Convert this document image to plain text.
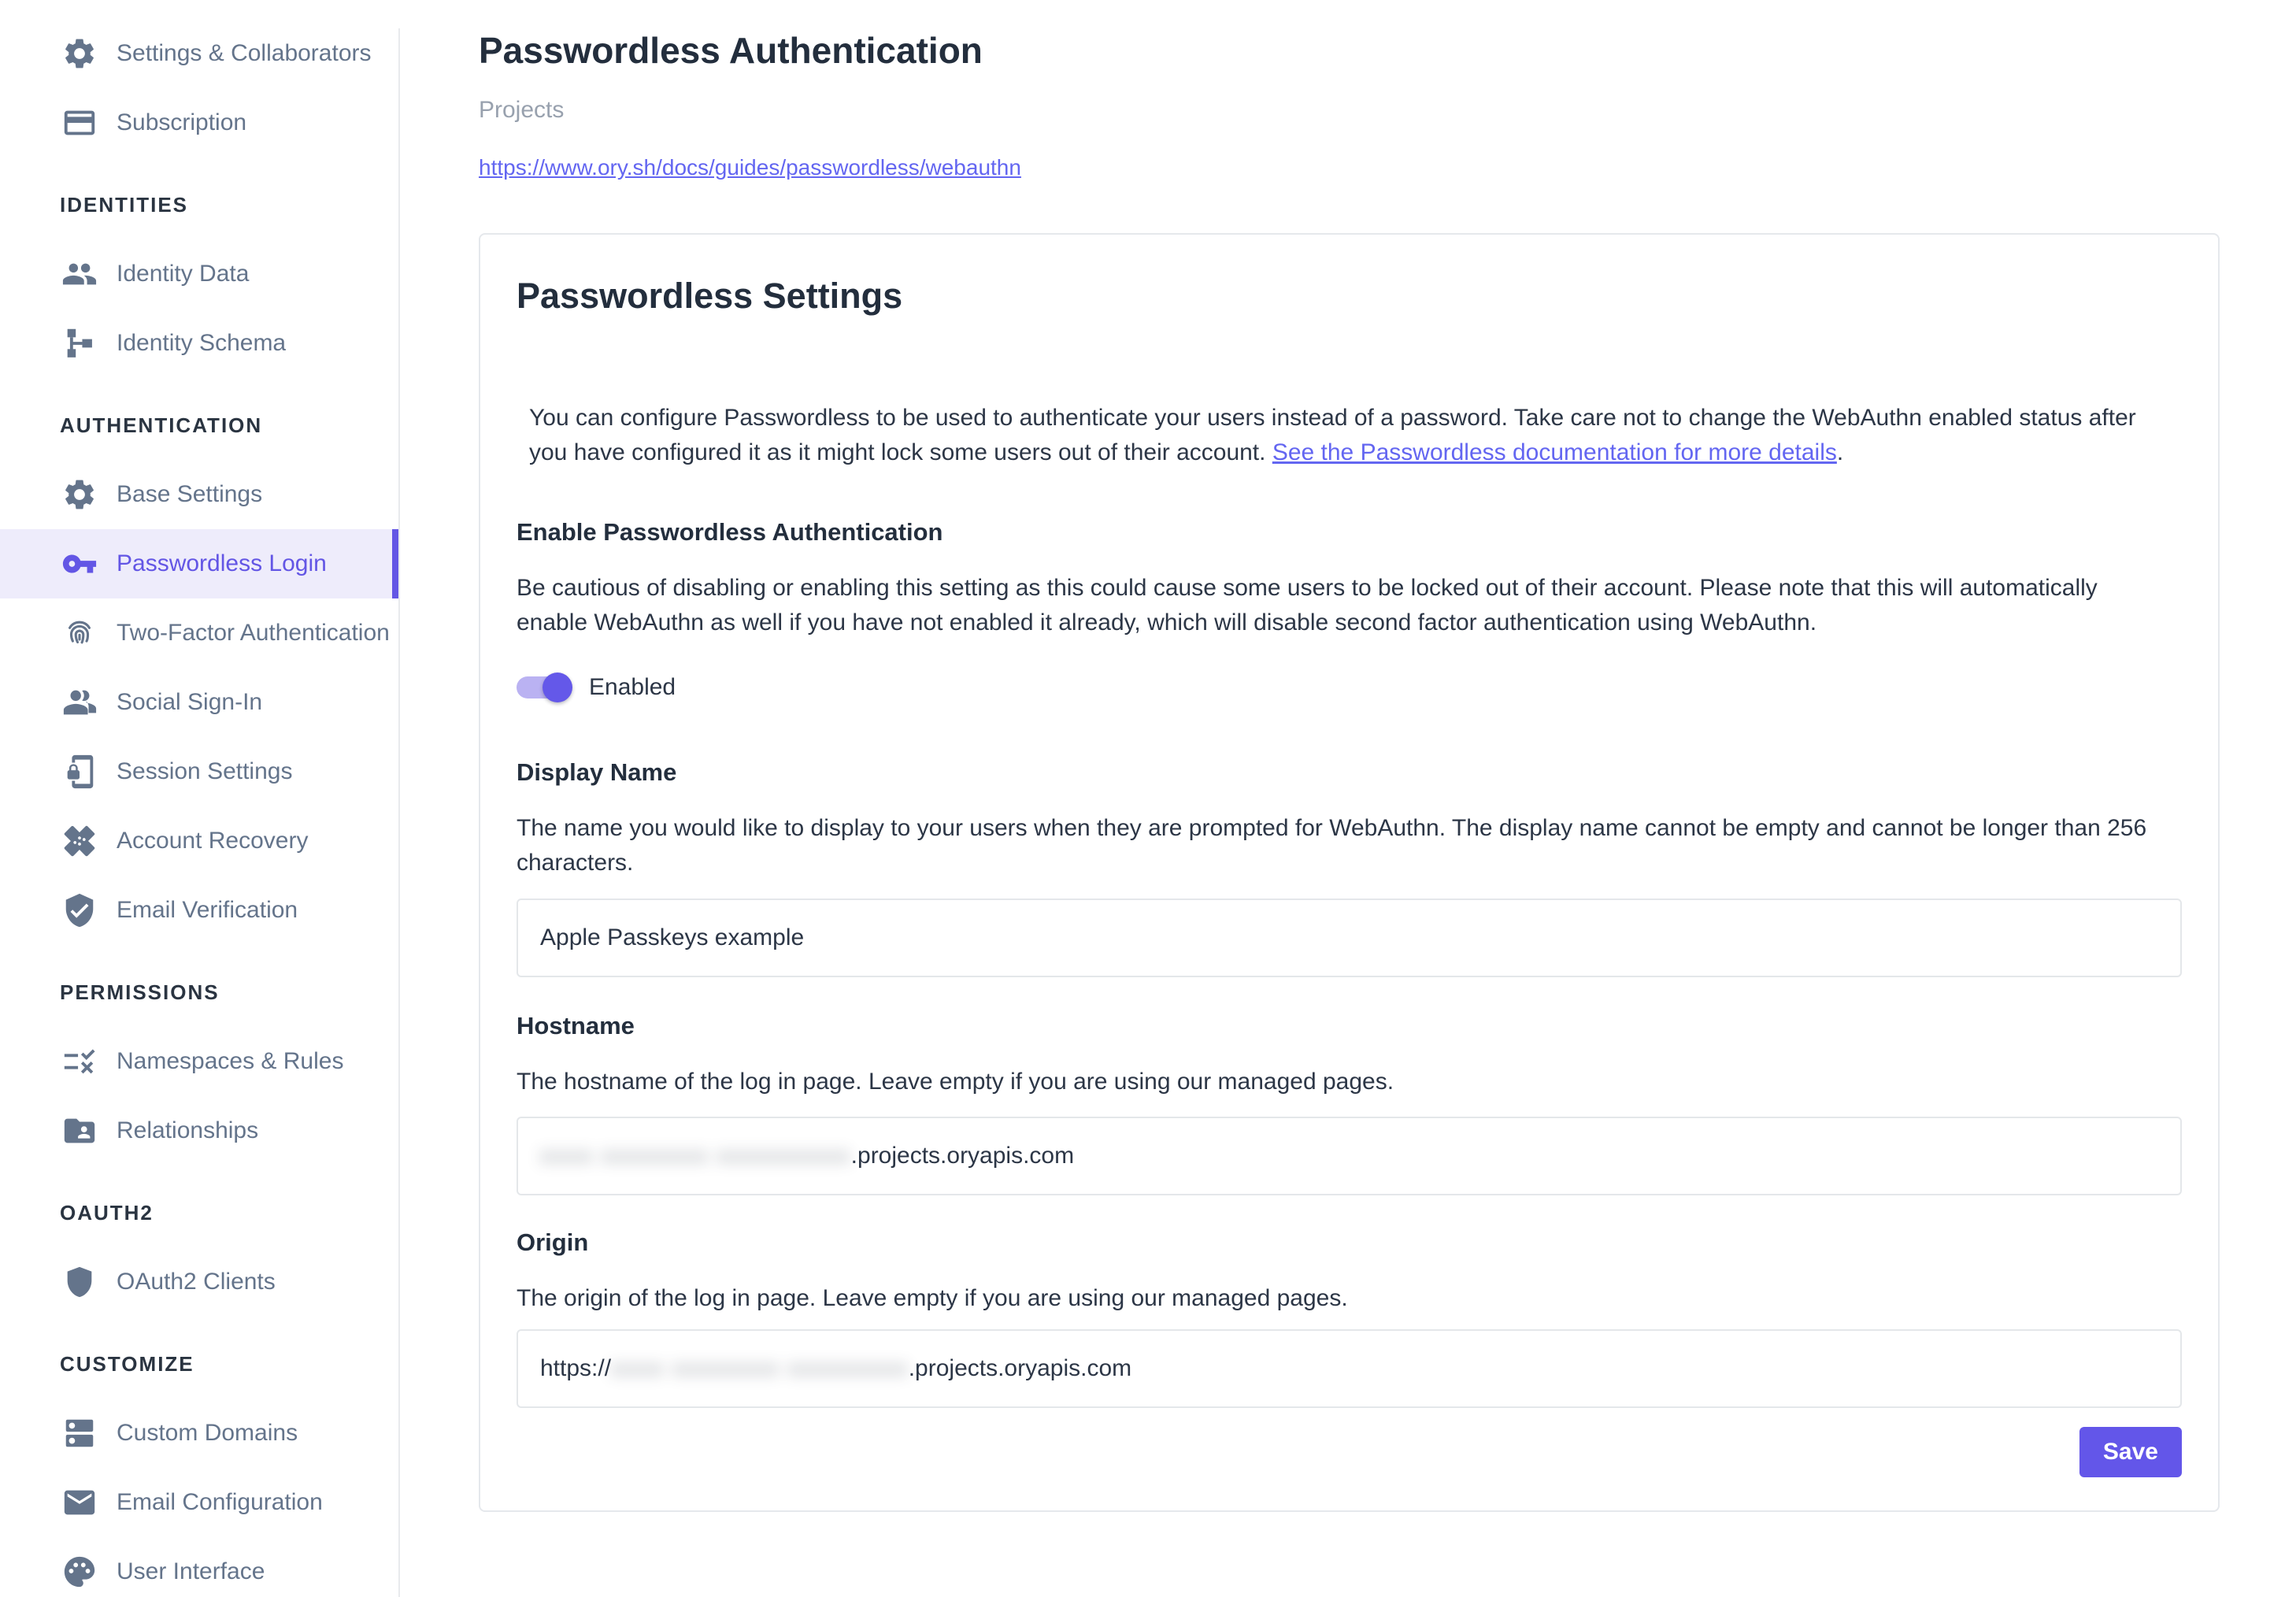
Settings & Collaborators
Subscription
IDENTITIES
Identity Data
Identity Schema
AUTHENTICATION
Base Settings
Passwordless Login
Two-Factor Authentication
Social Sign-In
Session Settings
Account Recovery
Email Verification
PERMISSIONS
Namespaces & Rules
Relationships
OAUTH2
OAuth2 Clients
CUSTOMIZE
Custom Domains
Email Configuration
User Interface
Passwordless Authentication
Projects
https://www.ory.sh/docs/guides/passwordless/webauthn
Passwordless Settings

You can configure Passwordless to be used to authenticate your users instead of a password. Take care not to change the WebAuthn enabled status after you have configured it as it might lock some users out of their account. See the Passwordless documentation for more details.

Enable Passwordless Authentication

Be cautious of disabling or enabling this setting as this could cause some users to be locked out of their account. Please note that this will automatically enable WebAuthn as well if you have not enabled it already, which will disable second factor authentication using WebAuthn.

Enabled
Display Name

The name you would like to display to your users when they are prompted for WebAuthn. The display name cannot be empty and cannot be longer than 256 characters.

Apple Passkeys example
Hostname

The hostname of the log in page. Leave empty if you are using our managed pages.

xxxx xxxxxxxx xxxxxxxxxx .projects.oryapis.com
Origin

The origin of the log in page. Leave empty if you are using our managed pages.

https:// xxxx xxxxxxxx xxxxxxxxx .projects.oryapis.com
Save
